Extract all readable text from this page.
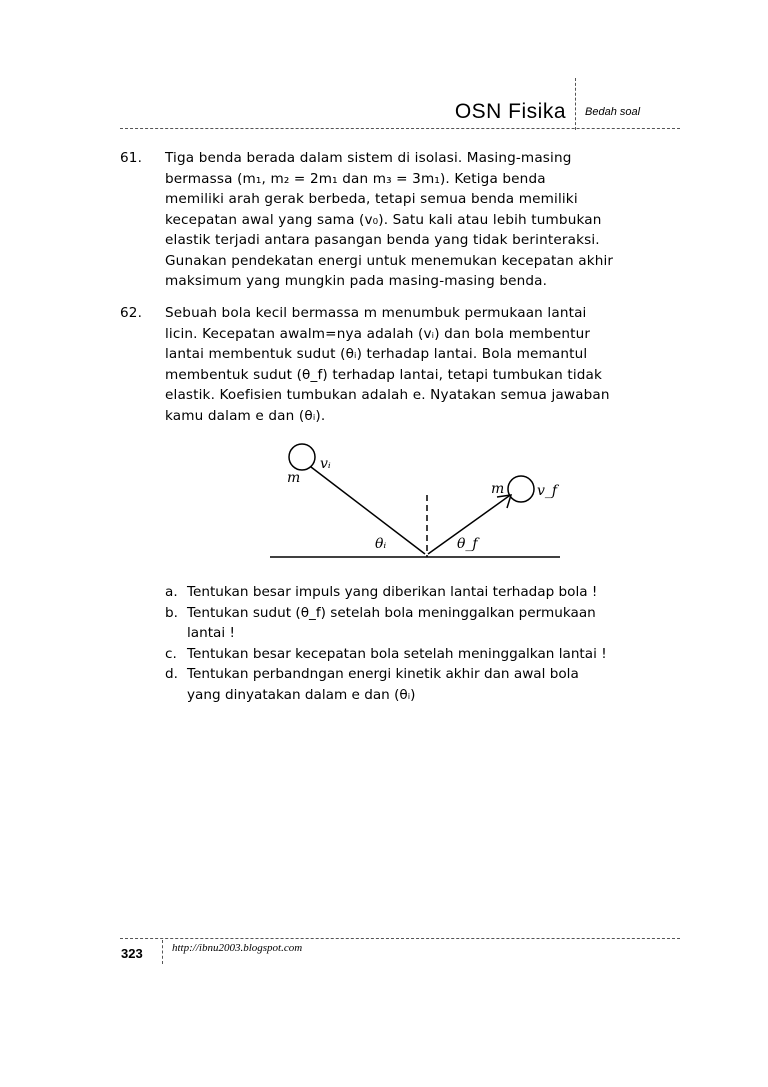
OSN Fisika Bedah soal
61. Tiga benda berada dalam sistem di isolasi. Masing-masing
bermassa (m₁, m₂ = 2m₁ dan m₃ = 3m₁). Ketiga benda
memiliki arah gerak berbeda, tetapi semua benda memiliki
kecepatan awal yang sama (v₀). Satu kali atau lebih tumbukan
elastik terjadi antara pasangan benda yang tidak berinteraksi.
Gunakan pendekatan energi untuk menemukan kecepatan akhir
maksimum yang mungkin pada masing-masing benda.
62. Sebuah bola kecil bermassa m menumbuk permukaan lantai
licin. Kecepatan awalm=nya adalah (vᵢ) dan bola membentur
lantai membentuk sudut (θᵢ) terhadap lantai. Bola memantul
membentuk sudut (θ_f) terhadap lantai, tetapi tumbukan tidak
elastik. Koefisien tumbukan adalah e. Nyatakan semua jawaban
kamu dalam e dan (θᵢ).
vᵢ
m
m v_f
θᵢ	θ_f
a. Tentukan besar impuls yang diberikan lantai terhadap bola !
b. Tentukan sudut (θ_f) setelah bola meninggalkan permukaan
lantai !
c. Tentukan besar kecepatan bola setelah meninggalkan lantai !
d. Tentukan perbandngan energi kinetik akhir dan awal bola
yang dinyatakan dalam e dan (θᵢ)
323	http://ibnu2003.blogspot.com
